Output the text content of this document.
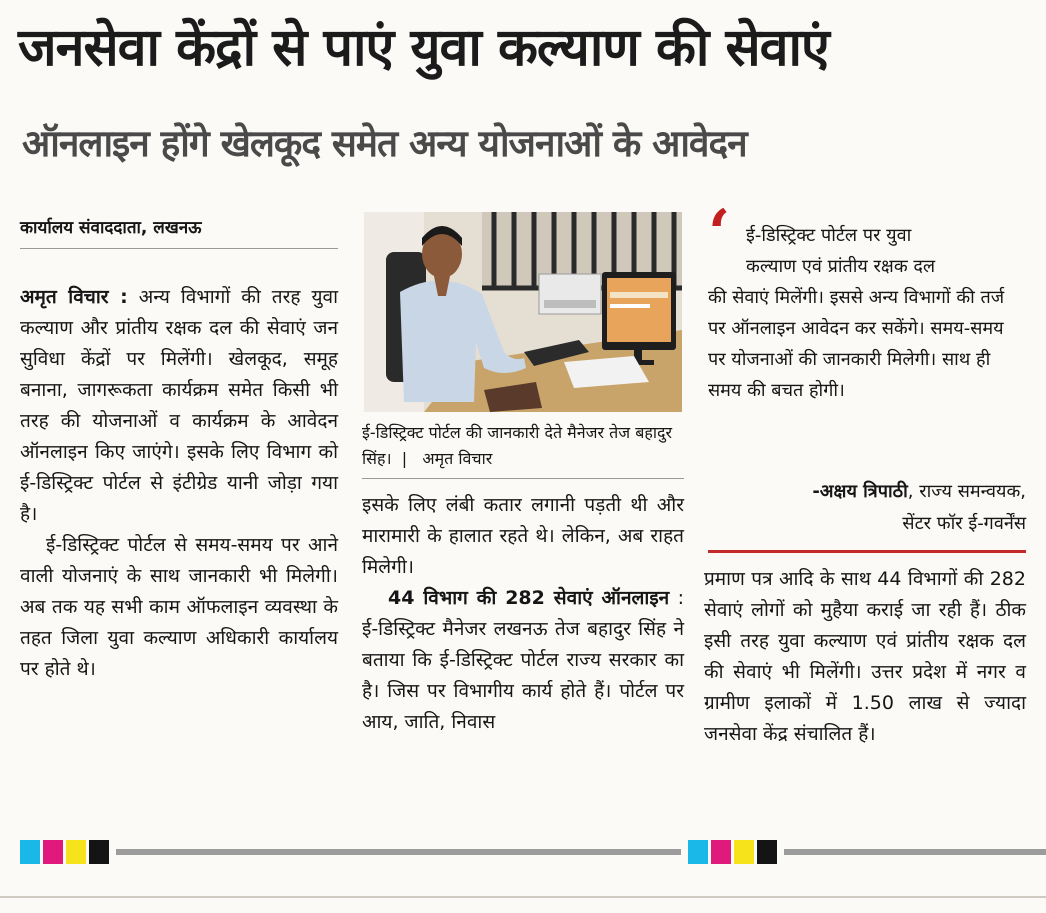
जनसेवा केंद्रों से पाएं युवा कल्याण की सेवाएं
ऑनलाइन होंगे खेलकूद समेत अन्य योजनाओं के आवेदन
कार्यालय संवाददाता, लखनऊ

अमृत विचार : अन्य विभागों की तरह युवा कल्याण और प्रांतीय रक्षक दल की सेवाएं जन सुविधा केंद्रों पर मिलेंगी। खेलकूद, समूह बनाना, जागरूकता कार्यक्रम समेत किसी भी तरह की योजनाओं व कार्यक्रम के आवेदन ऑनलाइन किए जाएंगे। इसके लिए विभाग को ई-डिस्ट्रिक्ट पोर्टल से इंटीग्रेड यानी जोड़ा गया है।

ई-डिस्ट्रिक्ट पोर्टल से समय-समय पर आने वाली योजनाएं के साथ जानकारी भी मिलेगी। अब तक यह सभी काम ऑफलाइन व्यवस्था के तहत जिला युवा कल्याण अधिकारी कार्यालय पर होते थे।

ई-डिस्ट्रिक्ट पोर्टल की जानकारी देते मैनेजर तेज बहादुर सिंह।  |   अमृत विचार

इसके लिए लंबी कतार लगानी पड़ती थी और मारामारी के हालात रहते थे। लेकिन, अब राहत मिलेगी।

44 विभाग की 282 सेवाएं ऑनलाइन : ई-डिस्ट्रिक्ट मैनेजर लखनऊ तेज बहादुर सिंह ने बताया कि ई-डिस्ट्रिक्ट पोर्टल राज्य सरकार का है। जिस पर विभागीय कार्य होते हैं। पोर्टल पर आय, जाति, निवास

‘ ई-डिस्ट्रिक्ट पोर्टल पर युवा
कल्याण एवं प्रांतीय रक्षक दल
की सेवाएं मिलेंगी। इससे अन्य विभागों की तर्ज पर ऑनलाइन आवेदन कर सकेंगे। समय-समय पर योजनाओं की जानकारी मिलेगी। साथ ही समय की बचत होगी।
-अक्षय त्रिपाठी, राज्य समन्वयक,
सेंटर फॉर ई-गवर्नेंस

प्रमाण पत्र आदि के साथ 44 विभागों की 282 सेवाएं लोगों को मुहैया कराई जा रही हैं। ठीक इसी तरह युवा कल्याण एवं प्रांतीय रक्षक दल की सेवाएं भी मिलेंगी। उत्तर प्रदेश में नगर व ग्रामीण इलाकों में 1.50 लाख से ज्यादा जनसेवा केंद्र संचालित हैं।
